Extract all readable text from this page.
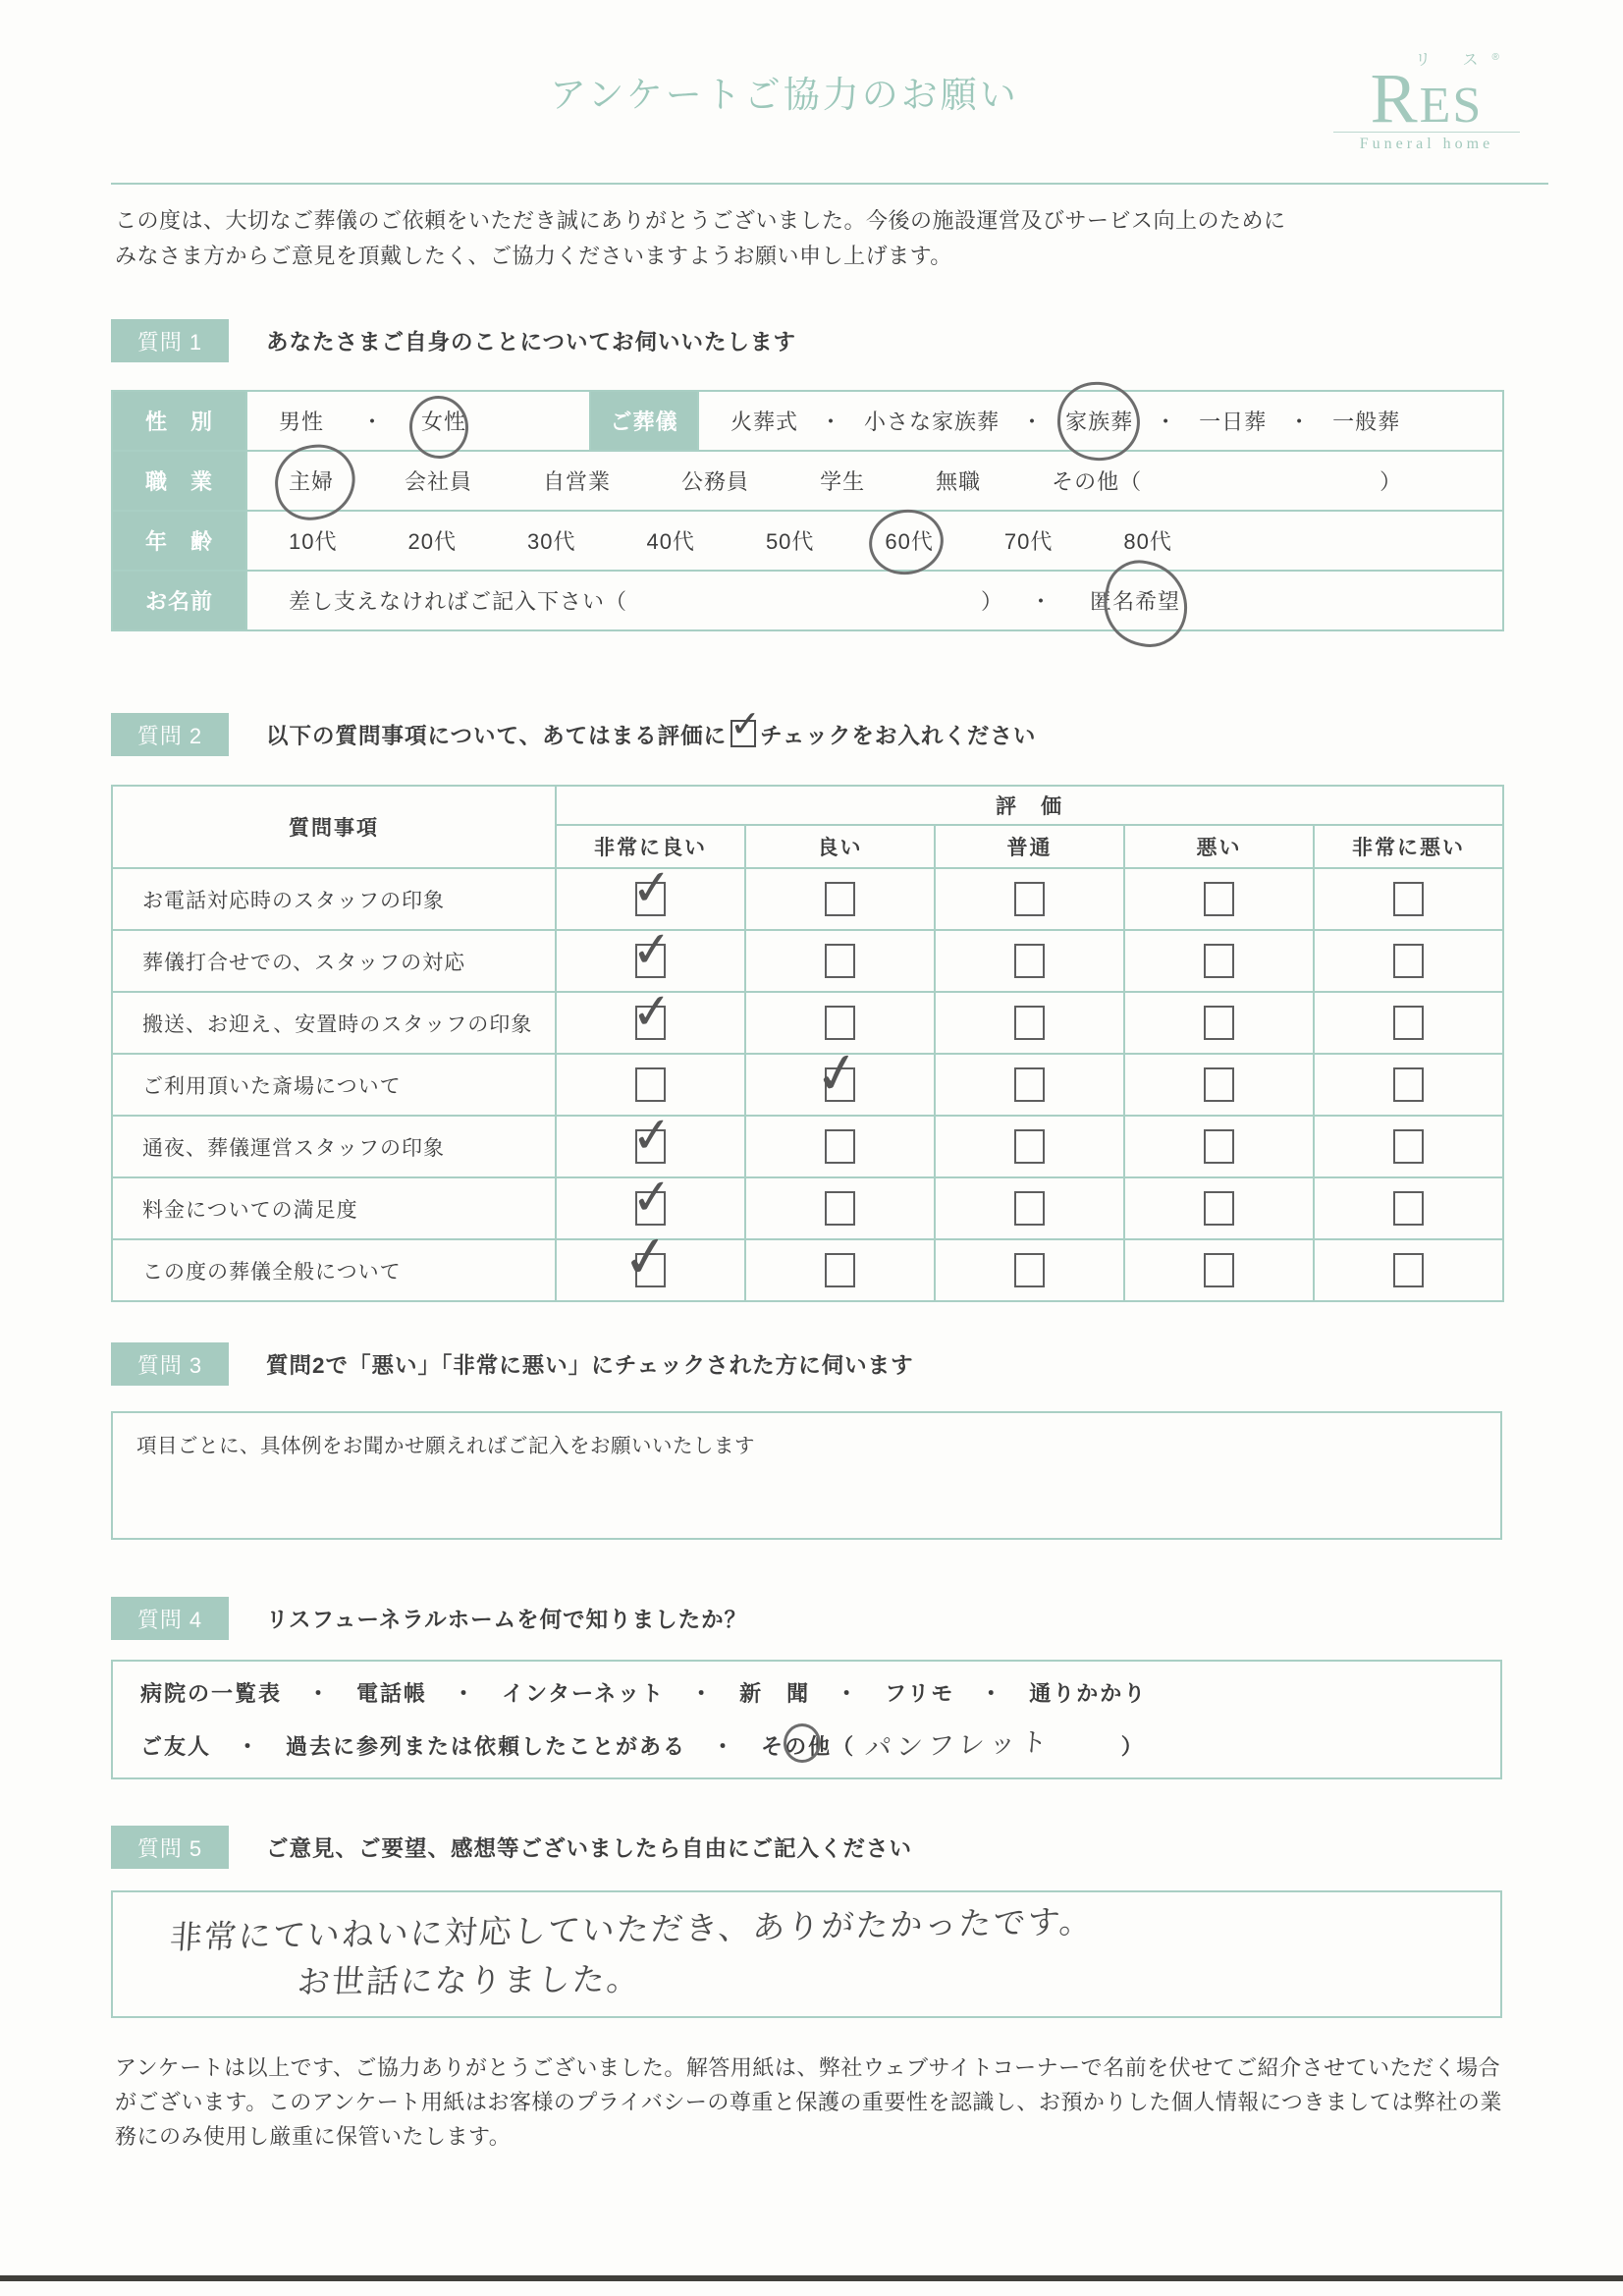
アンケートご協力のお願い
リ ス®
RES
Funeral home
この度は、大切なご葬儀のご依頼をいただき誠にありがとうございました。今後の施設運営及びサービス向上のために
みなさま方からご意見を頂戴したく、ご協力くださいますようお願い申し上げます。
質問 1	あなたさまご自身のことについてお伺いいたします
性　別	男性 ・ 女性	ご葬儀	火葬式 ・ 小さな家族葬 ・ 家族葬 ・ 一日葬 ・ 一般葬
職　業	主婦 会社員 自営業 公務員 学生 無職 その他（ ）		
年　齢	10代 20代 30代 40代 50代 60代 70代 80代		
お名前	差し支えなければご記入下さい（ ） ・ 匿名希望		
質問 2	以下の質問事項について、あてはまる評価に ✓
チェックをお入れください
質問事項	評　価				
	非常に良い	良い	普通	悪い	非常に悪い
お電話対応時のスタッフの印象	✓				

葬儀打合せでの、スタッフの対応	✓				

搬送、お迎え、安置時のスタッフの印象	✓				

ご利用頂いた斎場について		✓			

通夜、葬儀運営スタッフの印象	✓				

料金についての満足度	✓				

この度の葬儀全般について	✓				

質問 3	質問2で「悪い」「非常に悪い」にチェックされた方に伺います
項目ごとに、具体例をお聞かせ願えればご記入をお願いいたします
質問 4	リスフューネラルホームを何で知りましたか？
病院の一覧表 ・ 電話帳 ・ インターネット ・ 新　聞 ・ フリモ ・ 通りかかり
ご友人 ・ 過去に参列または依頼したことがある ・ その他（ パンフレット	）
質問 5	ご意見、ご要望、感想等ございましたら自由にご記入ください
非常にていねいに対応していただき、ありがたかったです。
お世話になりました。
アンケートは以上です、ご協力ありがとうございました。解答用紙は、弊社ウェブサイトコーナーで名前を伏せてご紹介させていただく場合
がございます。このアンケート用紙はお客様のプライバシーの尊重と保護の重要性を認識し、お預かりした個人情報につきましては弊社の業
務にのみ使用し厳重に保管いたします。
